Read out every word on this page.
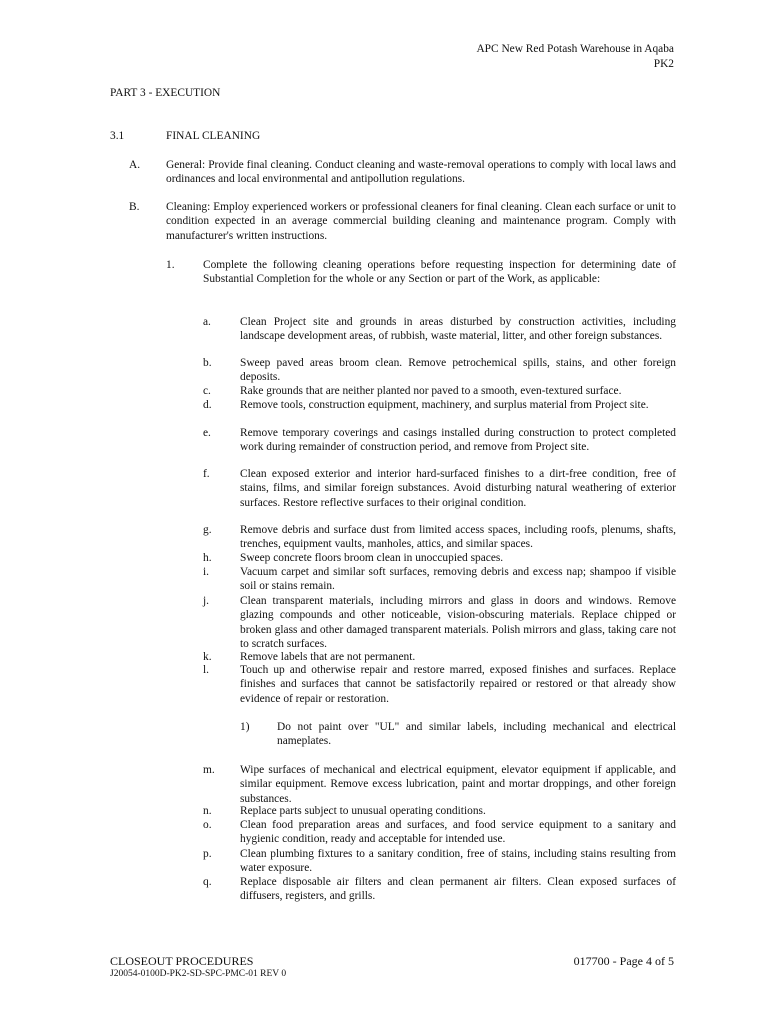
APC New Red Potash Warehouse in Aqaba
PK2
PART 3 - EXECUTION
3.1	FINAL CLEANING
A. General: Provide final cleaning. Conduct cleaning and waste-removal operations to comply with local laws and ordinances and local environmental and antipollution regulations.
B. Cleaning: Employ experienced workers or professional cleaners for final cleaning. Clean each surface or unit to condition expected in an average commercial building cleaning and maintenance program. Comply with manufacturer's written instructions.
1. Complete the following cleaning operations before requesting inspection for determining date of Substantial Completion for the whole or any Section or part of the Work, as applicable:
a.	Clean Project site and grounds in areas disturbed by construction activities, including landscape development areas, of rubbish, waste material, litter, and other foreign substances.
b. Sweep paved areas broom clean. Remove petrochemical spills, stains, and other foreign deposits.
c.	Rake grounds that are neither planted nor paved to a smooth, even-textured surface.
d. Remove tools, construction equipment, machinery, and surplus material from Project site.
e.	Remove temporary coverings and casings installed during construction to protect completed work during remainder of construction period, and remove from Project site.
f.	Clean exposed exterior and interior hard-surfaced finishes to a dirt-free condition, free of stains, films, and similar foreign substances. Avoid disturbing natural weathering of exterior surfaces. Restore reflective surfaces to their original condition.
g. Remove debris and surface dust from limited access spaces, including roofs, plenums, shafts, trenches, equipment vaults, manholes, attics, and similar spaces.
h. Sweep concrete floors broom clean in unoccupied spaces.
i.	Vacuum carpet and similar soft surfaces, removing debris and excess nap; shampoo if visible soil or stains remain.
j.	Clean transparent materials, including mirrors and glass in doors and windows. Remove glazing compounds and other noticeable, vision-obscuring materials. Replace chipped or broken glass and other damaged transparent materials. Polish mirrors and glass, taking care not to scratch surfaces.
k. Remove labels that are not permanent.
l.	Touch up and otherwise repair and restore marred, exposed finishes and surfaces. Replace finishes and surfaces that cannot be satisfactorily repaired or restored or that already show evidence of repair or restoration.
1) Do not paint over "UL" and similar labels, including mechanical and electrical nameplates.
m. Wipe surfaces of mechanical and electrical equipment, elevator equipment if applicable, and similar equipment. Remove excess lubrication, paint and mortar droppings, and other foreign substances.
n. Replace parts subject to unusual operating conditions.
o. Clean food preparation areas and surfaces, and food service equipment to a sanitary and hygienic condition, ready and acceptable for intended use.
p. Clean plumbing fixtures to a sanitary condition, free of stains, including stains resulting from water exposure.
q. Replace disposable air filters and clean permanent air filters. Clean exposed surfaces of diffusers, registers, and grills.
CLOSEOUT PROCEDURES
J20054-0100D-PK2-SD-SPC-PMC-01 REV 0
017700 - Page 4 of 5
